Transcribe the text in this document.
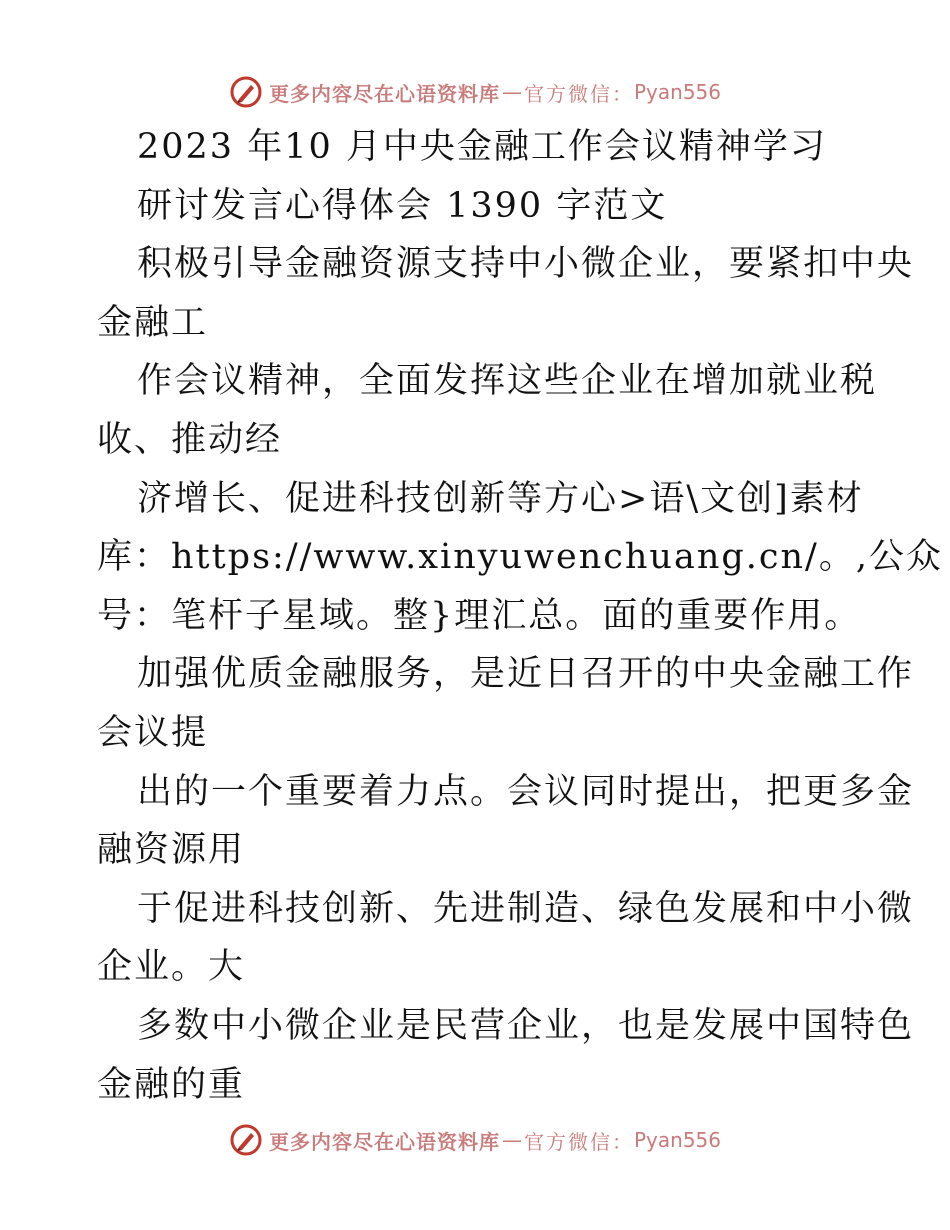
更多内容尽在心语资料库 — 官方微信： Pyan556
2023 年10 月中央金融工作会议精神学习
研讨发言心得体会 1390 字范文
积极引导金融资源支持中小微企业，要紧扣中央
金融工
作会议精神，全面发挥这些企业在增加就业税
收、推动经
济增长、促进科技创新等方心>语\文创]素材
库：https://www.xinyuwenchuang.cn/。,公众
号：笔杆子星域。整}理汇总。面的重要作用。
加强优质金融服务，是近日召开的中央金融工作
会议提
出的一个重要着力点。会议同时提出，把更多金
融资源用
于促进科技创新、先进制造、绿色发展和中小微
企业。大
多数中小微企业是民营企业，也是发展中国特色
金融的重
更多内容尽在心语资料库 — 官方微信： Pyan556
